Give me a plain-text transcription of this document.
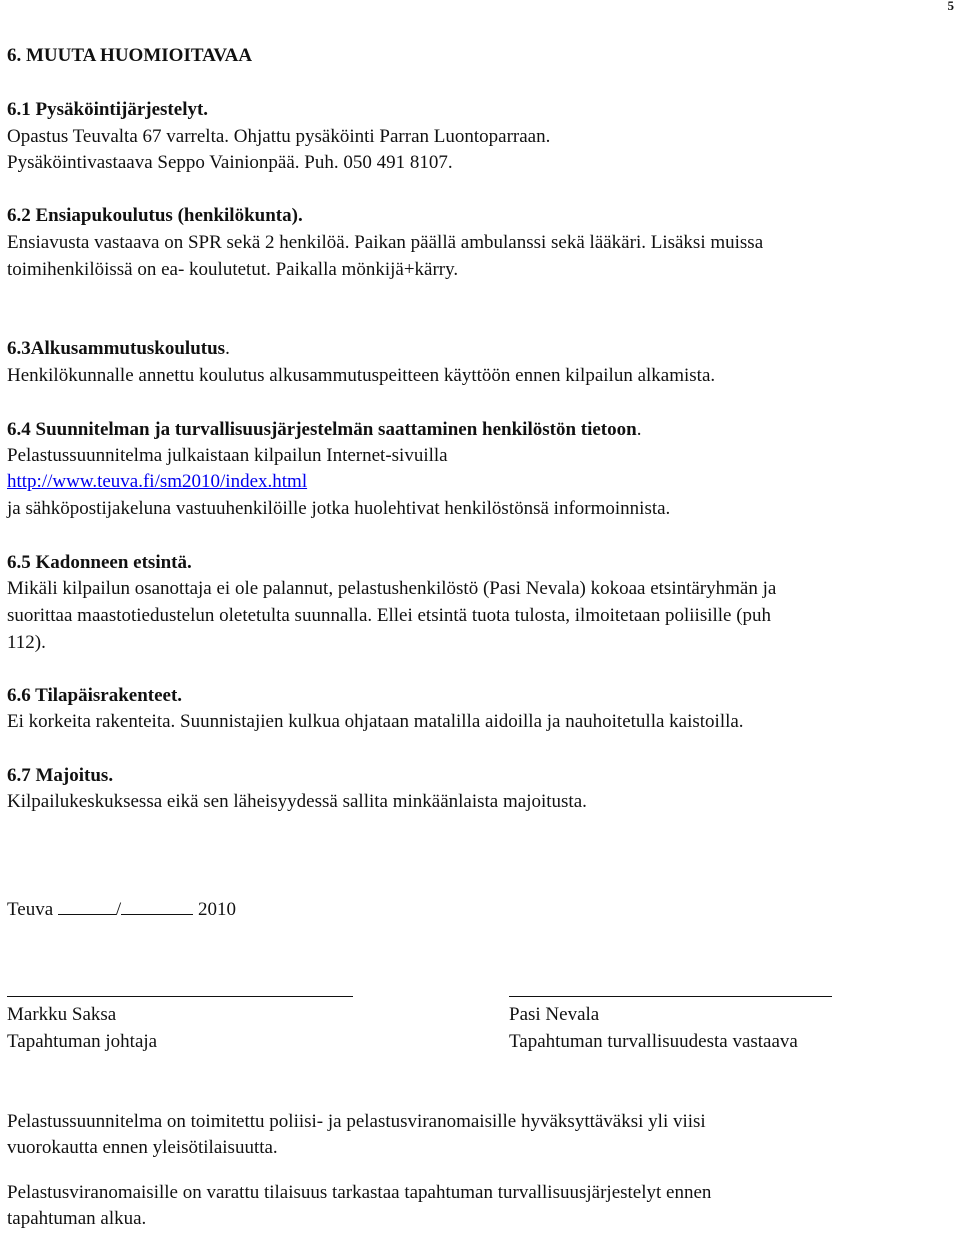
5
6. MUUTA HUOMIOITAVAA
6.1 Pysäköintijärjestelyt.
Opastus Teuvalta 67 varrelta. Ohjattu pysäköinti Parran Luontoparraan.
Pysäköintivastaava Seppo Vainionpää. Puh. 050 491 8107.
6.2 Ensiapukoulutus (henkilökunta).
Ensiavusta vastaava on SPR sekä 2 henkilöä. Paikan päällä ambulanssi sekä lääkäri. Lisäksi muissa
toimihenkilöissä on ea- koulutetut. Paikalla mönkijä+kärry.
6.3Alkusammutuskoulutus.
Henkilökunnalle annettu koulutus alkusammutuspeitteen käyttöön ennen kilpailun alkamista.
6.4 Suunnitelman ja turvallisuusjärjestelmän saattaminen henkilöstön tietoon.
Pelastussuunnitelma julkaistaan kilpailun Internet-sivuilla
http://www.teuva.fi/sm2010/index.html
ja sähköpostijakeluna vastuuhenkilöille jotka huolehtivat henkilöstönsä informoinnista.
6.5 Kadonneen etsintä.
Mikäli kilpailun osanottaja ei ole palannut, pelastushenkilöstö (Pasi Nevala) kokoaa etsintäryhmän ja
suorittaa maastotiedustelun oletetulta suunnalla. Ellei etsintä tuota tulosta, ilmoitetaan poliisille (puh
112).
6.6 Tilapäisrakenteet.
Ei korkeita rakenteita. Suunnistajien kulkua ohjataan matalilla aidoilla ja nauhoitetulla kaistoilla.
6.7 Majoitus.
Kilpailukeskuksessa eikä sen läheisyydessä sallita minkäänlaista majoitusta.
Teuva	/	2010
Markku Saksa
Tapahtuman johtaja
Pasi Nevala
Tapahtuman turvallisuudesta vastaava
Pelastussuunnitelma on toimitettu poliisi- ja pelastusviranomaisille hyväksyttäväksi yli viisi
vuorokautta ennen yleisötilaisuutta.
Pelastusviranomaisille on varattu tilaisuus tarkastaa tapahtuman turvallisuusjärjestelyt ennen
tapahtuman alkua.
